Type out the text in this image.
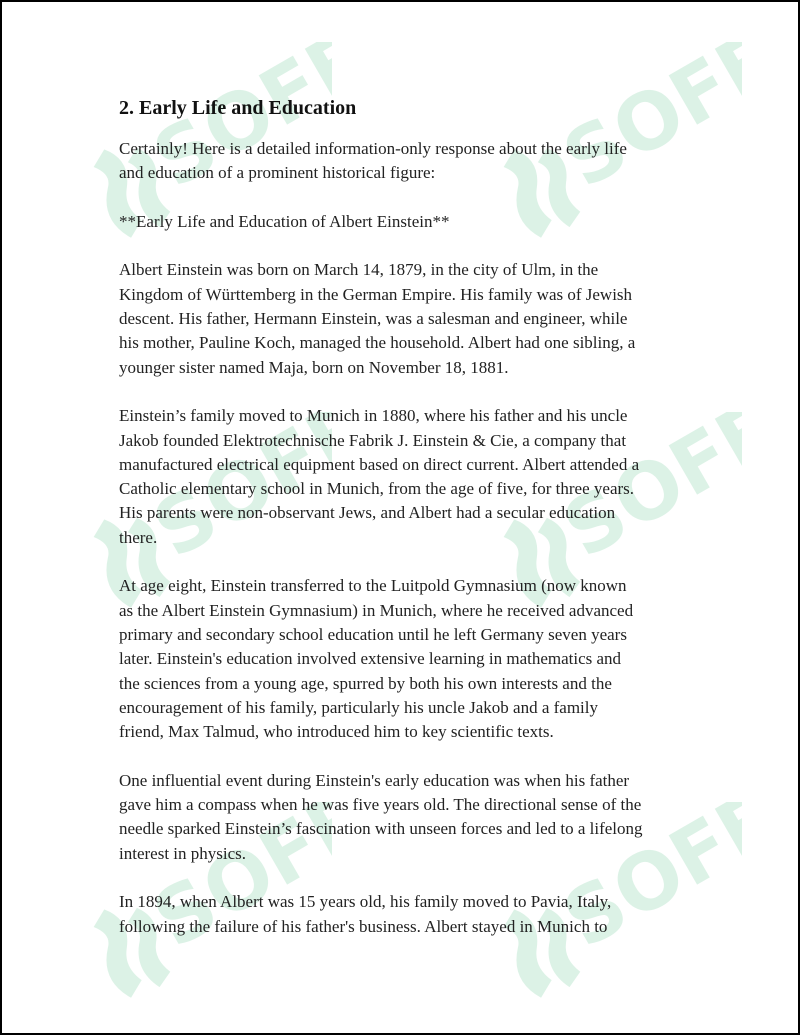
SOFF SOFF
SOFF SOFF
SOFF SOFF
2. Early Life and Education

Certainly! Here is a detailed information-only response about the early life
and education of a prominent historical figure:

**Early Life and Education of Albert Einstein**

Albert Einstein was born on March 14, 1879, in the city of Ulm, in the
Kingdom of Württemberg in the German Empire. His family was of Jewish
descent. His father, Hermann Einstein, was a salesman and engineer, while
his mother, Pauline Koch, managed the household. Albert had one sibling, a
younger sister named Maja, born on November 18, 1881.

Einstein’s family moved to Munich in 1880, where his father and his uncle
Jakob founded Elektrotechnische Fabrik J. Einstein & Cie, a company that
manufactured electrical equipment based on direct current. Albert attended a
Catholic elementary school in Munich, from the age of five, for three years.
His parents were non-observant Jews, and Albert had a secular education
there.

At age eight, Einstein transferred to the Luitpold Gymnasium (now known
as the Albert Einstein Gymnasium) in Munich, where he received advanced
primary and secondary school education until he left Germany seven years
later. Einstein's education involved extensive learning in mathematics and
the sciences from a young age, spurred by both his own interests and the
encouragement of his family, particularly his uncle Jakob and a family
friend, Max Talmud, who introduced him to key scientific texts.

One influential event during Einstein's early education was when his father
gave him a compass when he was five years old. The directional sense of the
needle sparked Einstein’s fascination with unseen forces and led to a lifelong
interest in physics.

In 1894, when Albert was 15 years old, his family moved to Pavia, Italy,
following the failure of his father's business. Albert stayed in Munich to
